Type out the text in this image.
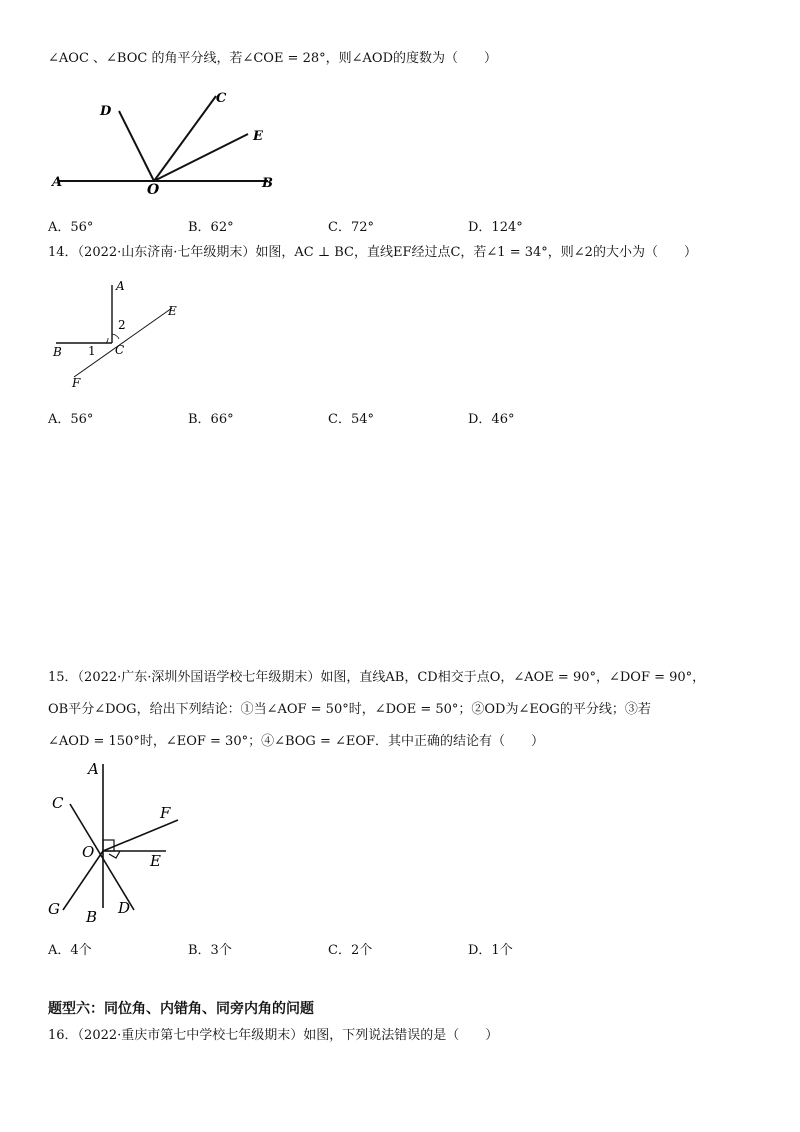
∠AOC 、∠BOC 的角平分线，若∠COE = 28°，则∠AOD的度数为（　　）
D
C
E
A	O	B
A．56°	B．62°	C．72°	D．124°
14．（2022·山东济南·七年级期末）如图，AC ⊥ BC，直线EF经过点C，若∠1 = 34°，则∠2的大小为（　　）
A
E
2
B 1 C
F
A．56°	B．66°	C．54°	D．46°
15．（2022·广东·深圳外国语学校七年级期末）如图，直线AB，CD相交于点O，∠AOE = 90°，∠DOF = 90°，
OB平分∠DOG，给出下列结论：①当∠AOF = 50°时，∠DOE = 50°；②OD为∠EOG的平分线；③若
∠AOD = 150°时，∠EOF = 30°；④∠BOG = ∠EOF．其中正确的结论有（　　）
A
C
F
O	E
G B D
A．4个	B．3个	C．2个	D．1个
题型六：同位角、内错角、同旁内角的问题
16．（2022·重庆市第七中学校七年级期末）如图，下列说法错误的是（　　）
